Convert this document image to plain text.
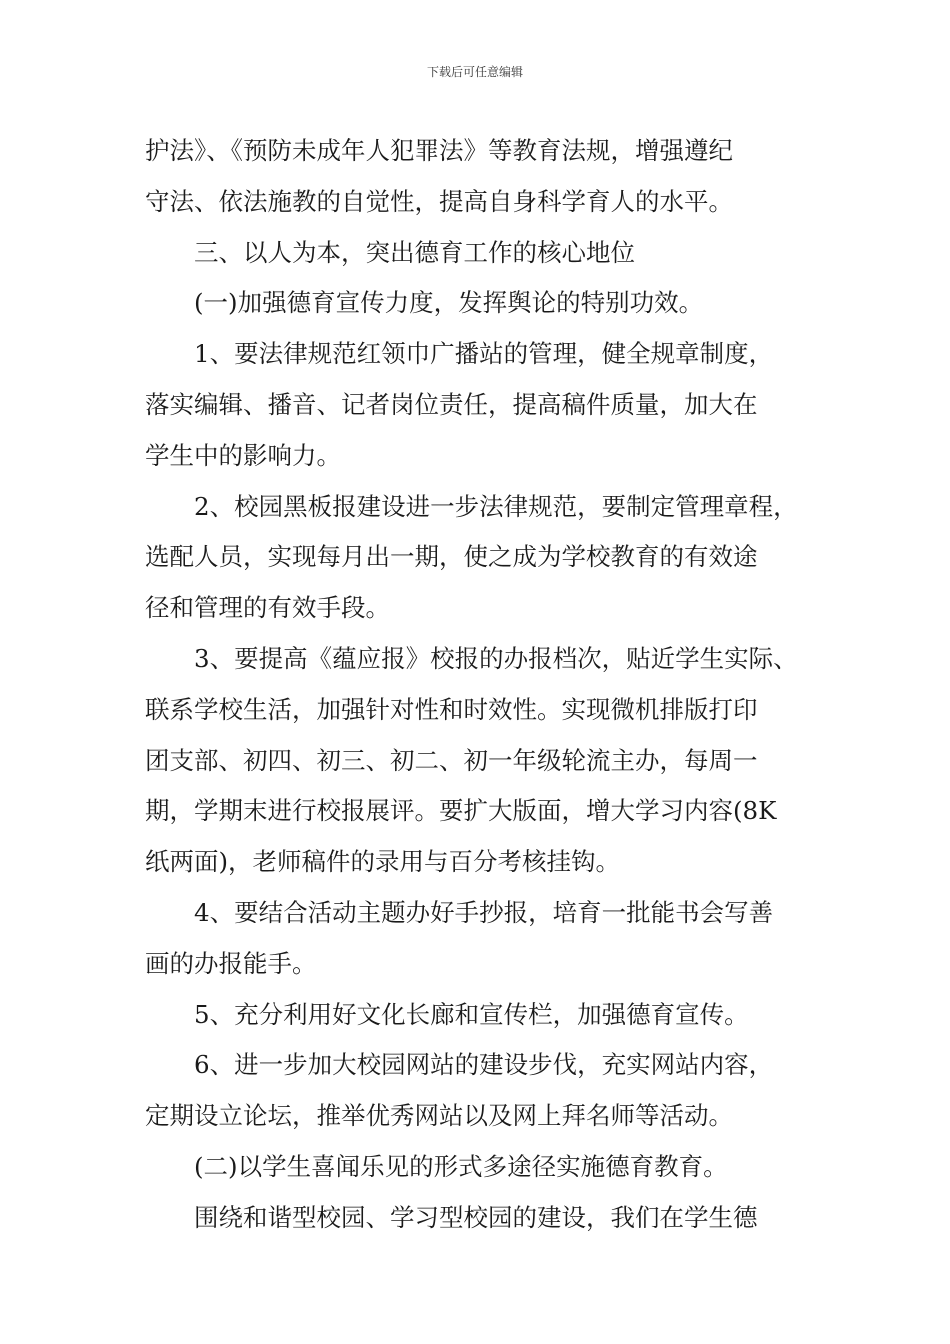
下载后可任意编辑
护法》、《预防未成年人犯罪法》等教育法规，增强遵纪
守法、依法施教的自觉性，提高自身科学育人的水平。
三、以人为本，突出德育工作的核心地位
(一)加强德育宣传力度，发挥舆论的特别功效。
1、要法律规范红领巾广播站的管理，健全规章制度，
落实编辑、播音、记者岗位责任，提高稿件质量，加大在
学生中的影响力。
2、校园黑板报建设进一步法律规范，要制定管理章程，
选配人员，实现每月出一期，使之成为学校教育的有效途
径和管理的有效手段。
3、要提高《蕴应报》校报的办报档次，贴近学生实际、
联系学校生活，加强针对性和时效性。实现微机排版打印
团支部、初四、初三、初二、初一年级轮流主办，每周一
期，学期末进行校报展评。要扩大版面，增大学习内容(8K
纸两面)，老师稿件的录用与百分考核挂钩。
4、要结合活动主题办好手抄报，培育一批能书会写善
画的办报能手。
5、充分利用好文化长廊和宣传栏，加强德育宣传。
6、进一步加大校园网站的建设步伐，充实网站内容，
定期设立论坛，推举优秀网站以及网上拜名师等活动。
(二)以学生喜闻乐见的形式多途径实施德育教育。
围绕和谐型校园、学习型校园的建设，我们在学生德
